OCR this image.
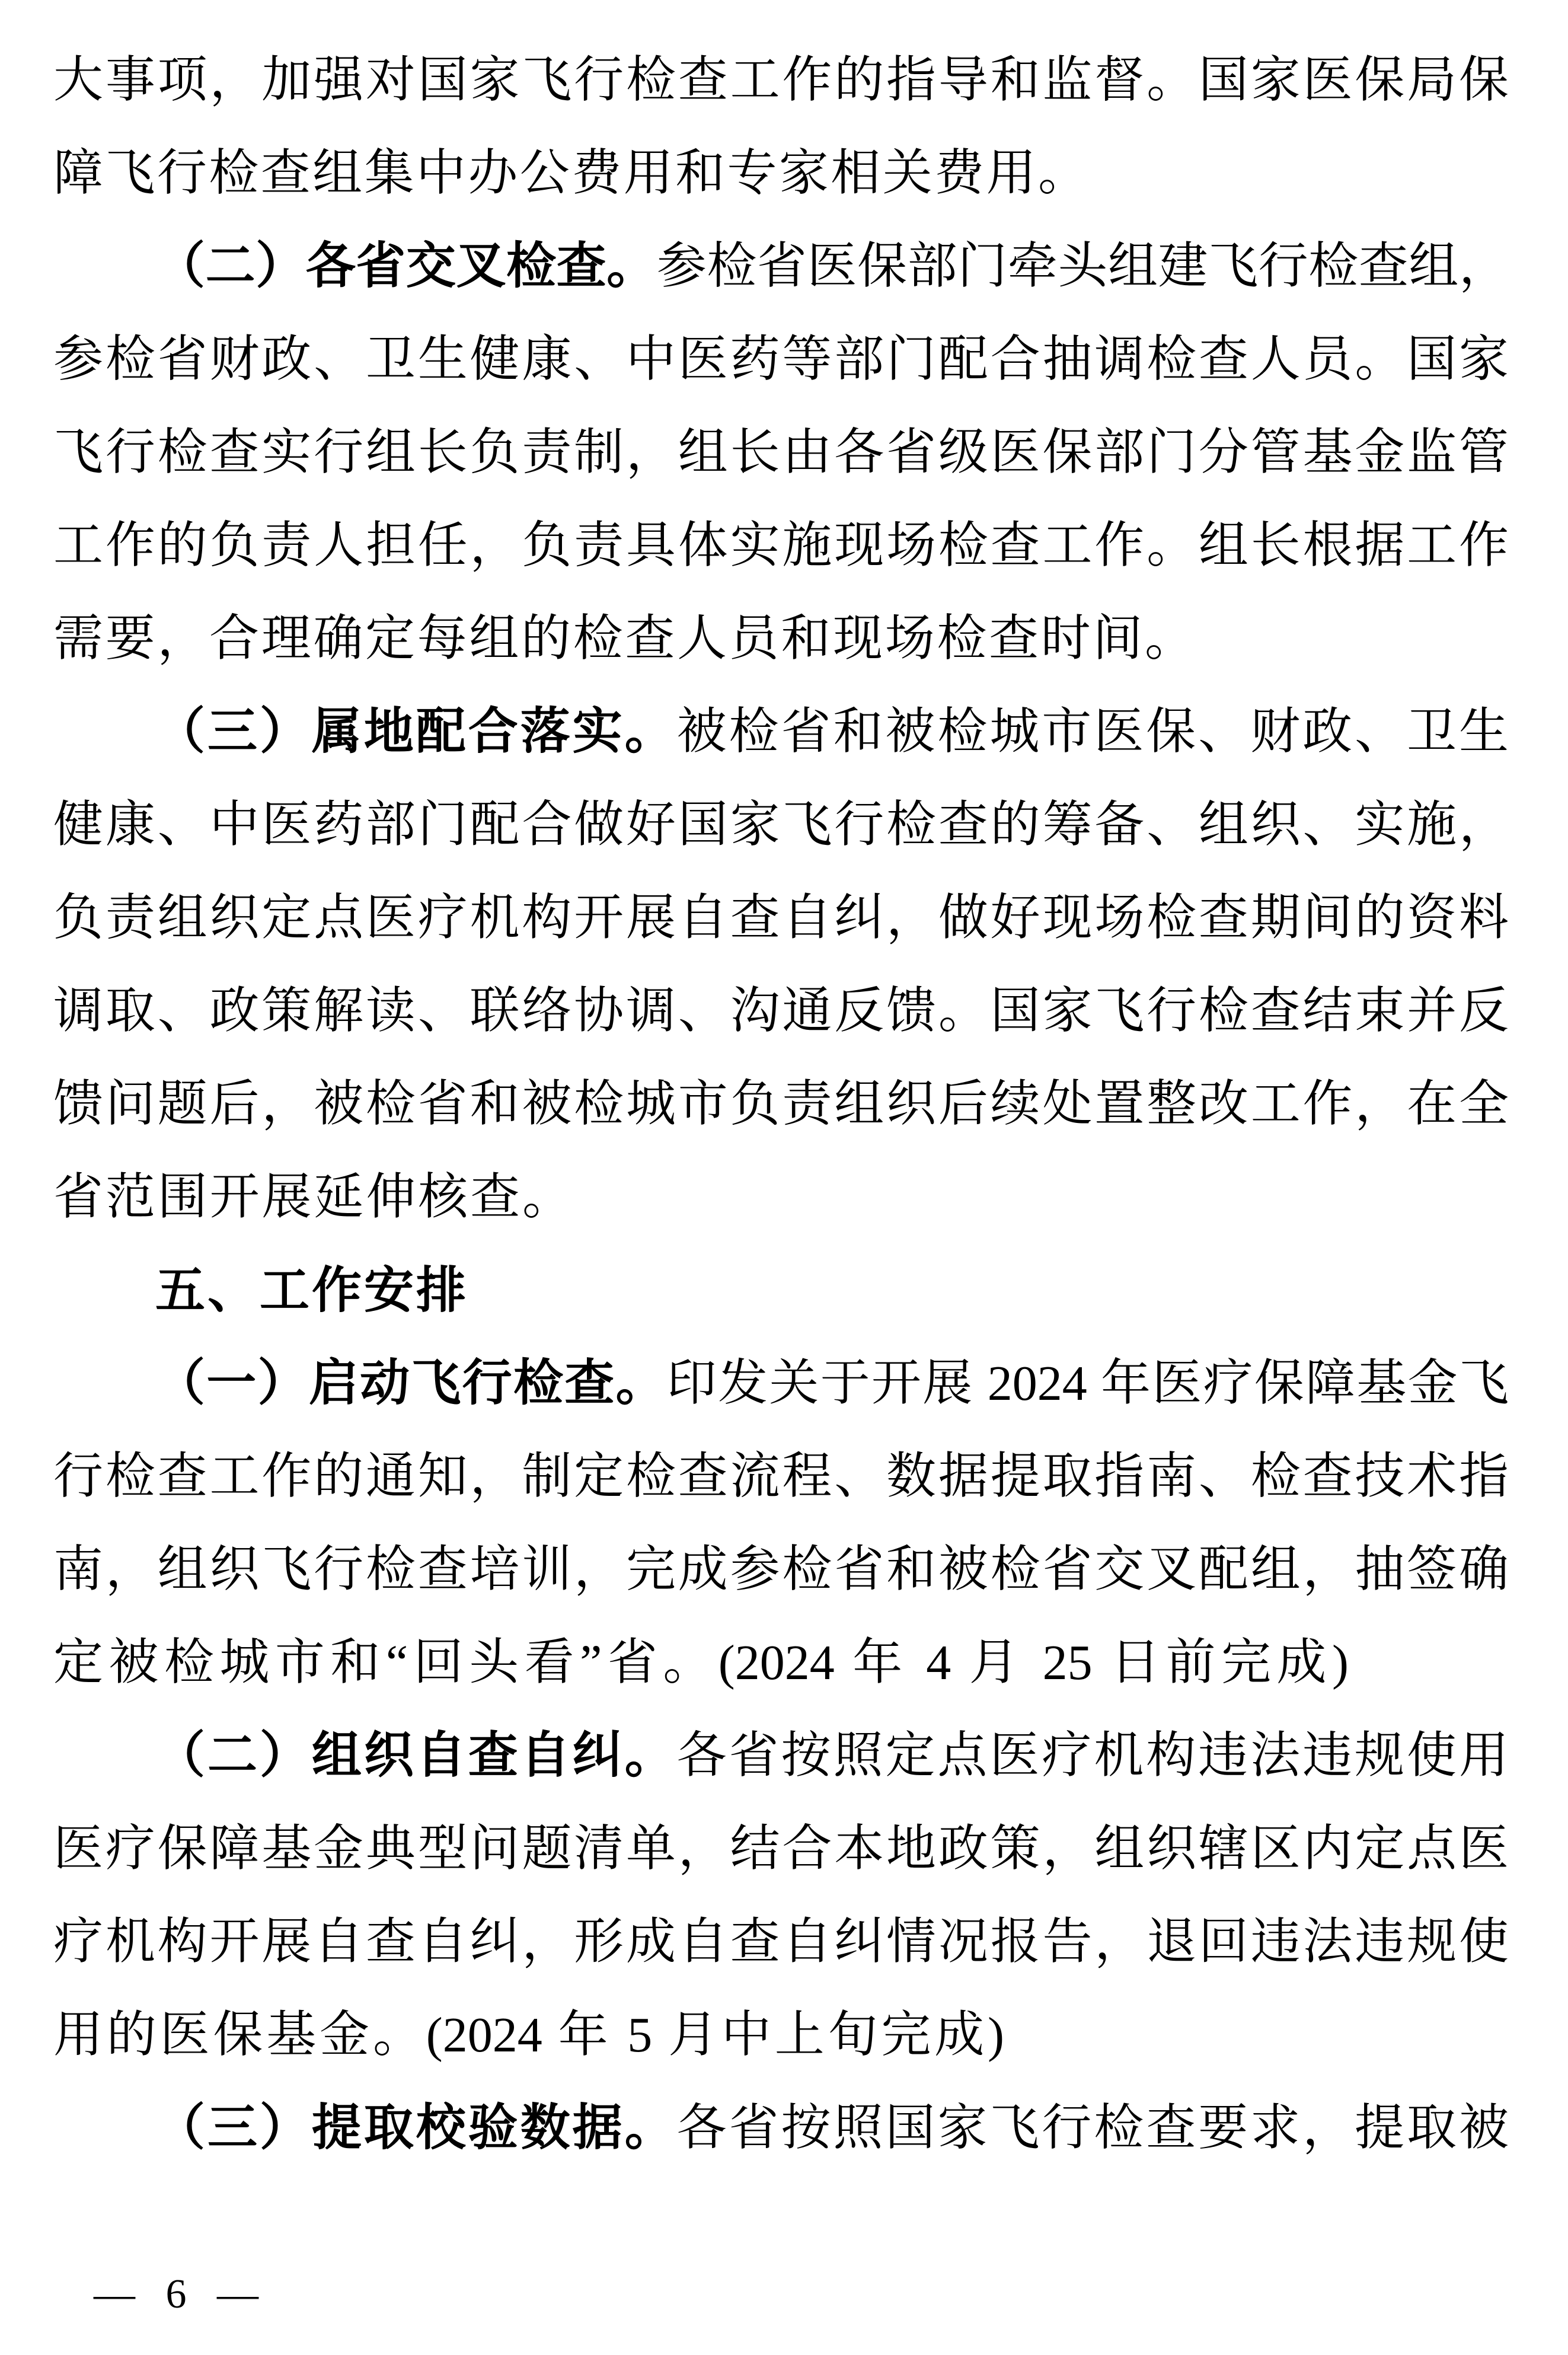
大事项，加强对国家飞行检查工作的指导和监督。国家医保局保
障飞行检查组集中办公费用和专家相关费用。
（二）各省交叉检查。参检省医保部门牵头组建飞行检查组，
参检省财政、卫生健康、中医药等部门配合抽调检查人员。国家
飞行检查实行组长负责制，组长由各省级医保部门分管基金监管
工作的负责人担任，负责具体实施现场检查工作。组长根据工作
需要，合理确定每组的检查人员和现场检查时间。
（三）属地配合落实。被检省和被检城市医保、财政、卫生
健康、中医药部门配合做好国家飞行检查的筹备、组织、实施，
负责组织定点医疗机构开展自查自纠，做好现场检查期间的资料
调取、政策解读、联络协调、沟通反馈。国家飞行检查结束并反
馈问题后，被检省和被检城市负责组织后续处置整改工作，在全
省范围开展延伸核查。
五、工作安排
（一）启动飞行检查。印发关于开展 2024 年医疗保障基金飞
行检查工作的通知，制定检查流程、数据提取指南、检查技术指
南，组织飞行检查培训，完成参检省和被检省交叉配组，抽签确
定被检城市和“回头看”省。(2024 年 4 月 25 日前完成)
（二）组织自查自纠。各省按照定点医疗机构违法违规使用
医疗保障基金典型问题清单，结合本地政策，组织辖区内定点医
疗机构开展自查自纠，形成自查自纠情况报告，退回违法违规使
用的医保基金。(2024 年 5 月中上旬完成)
（三）提取校验数据。各省按照国家飞行检查要求，提取被
— 6 —
